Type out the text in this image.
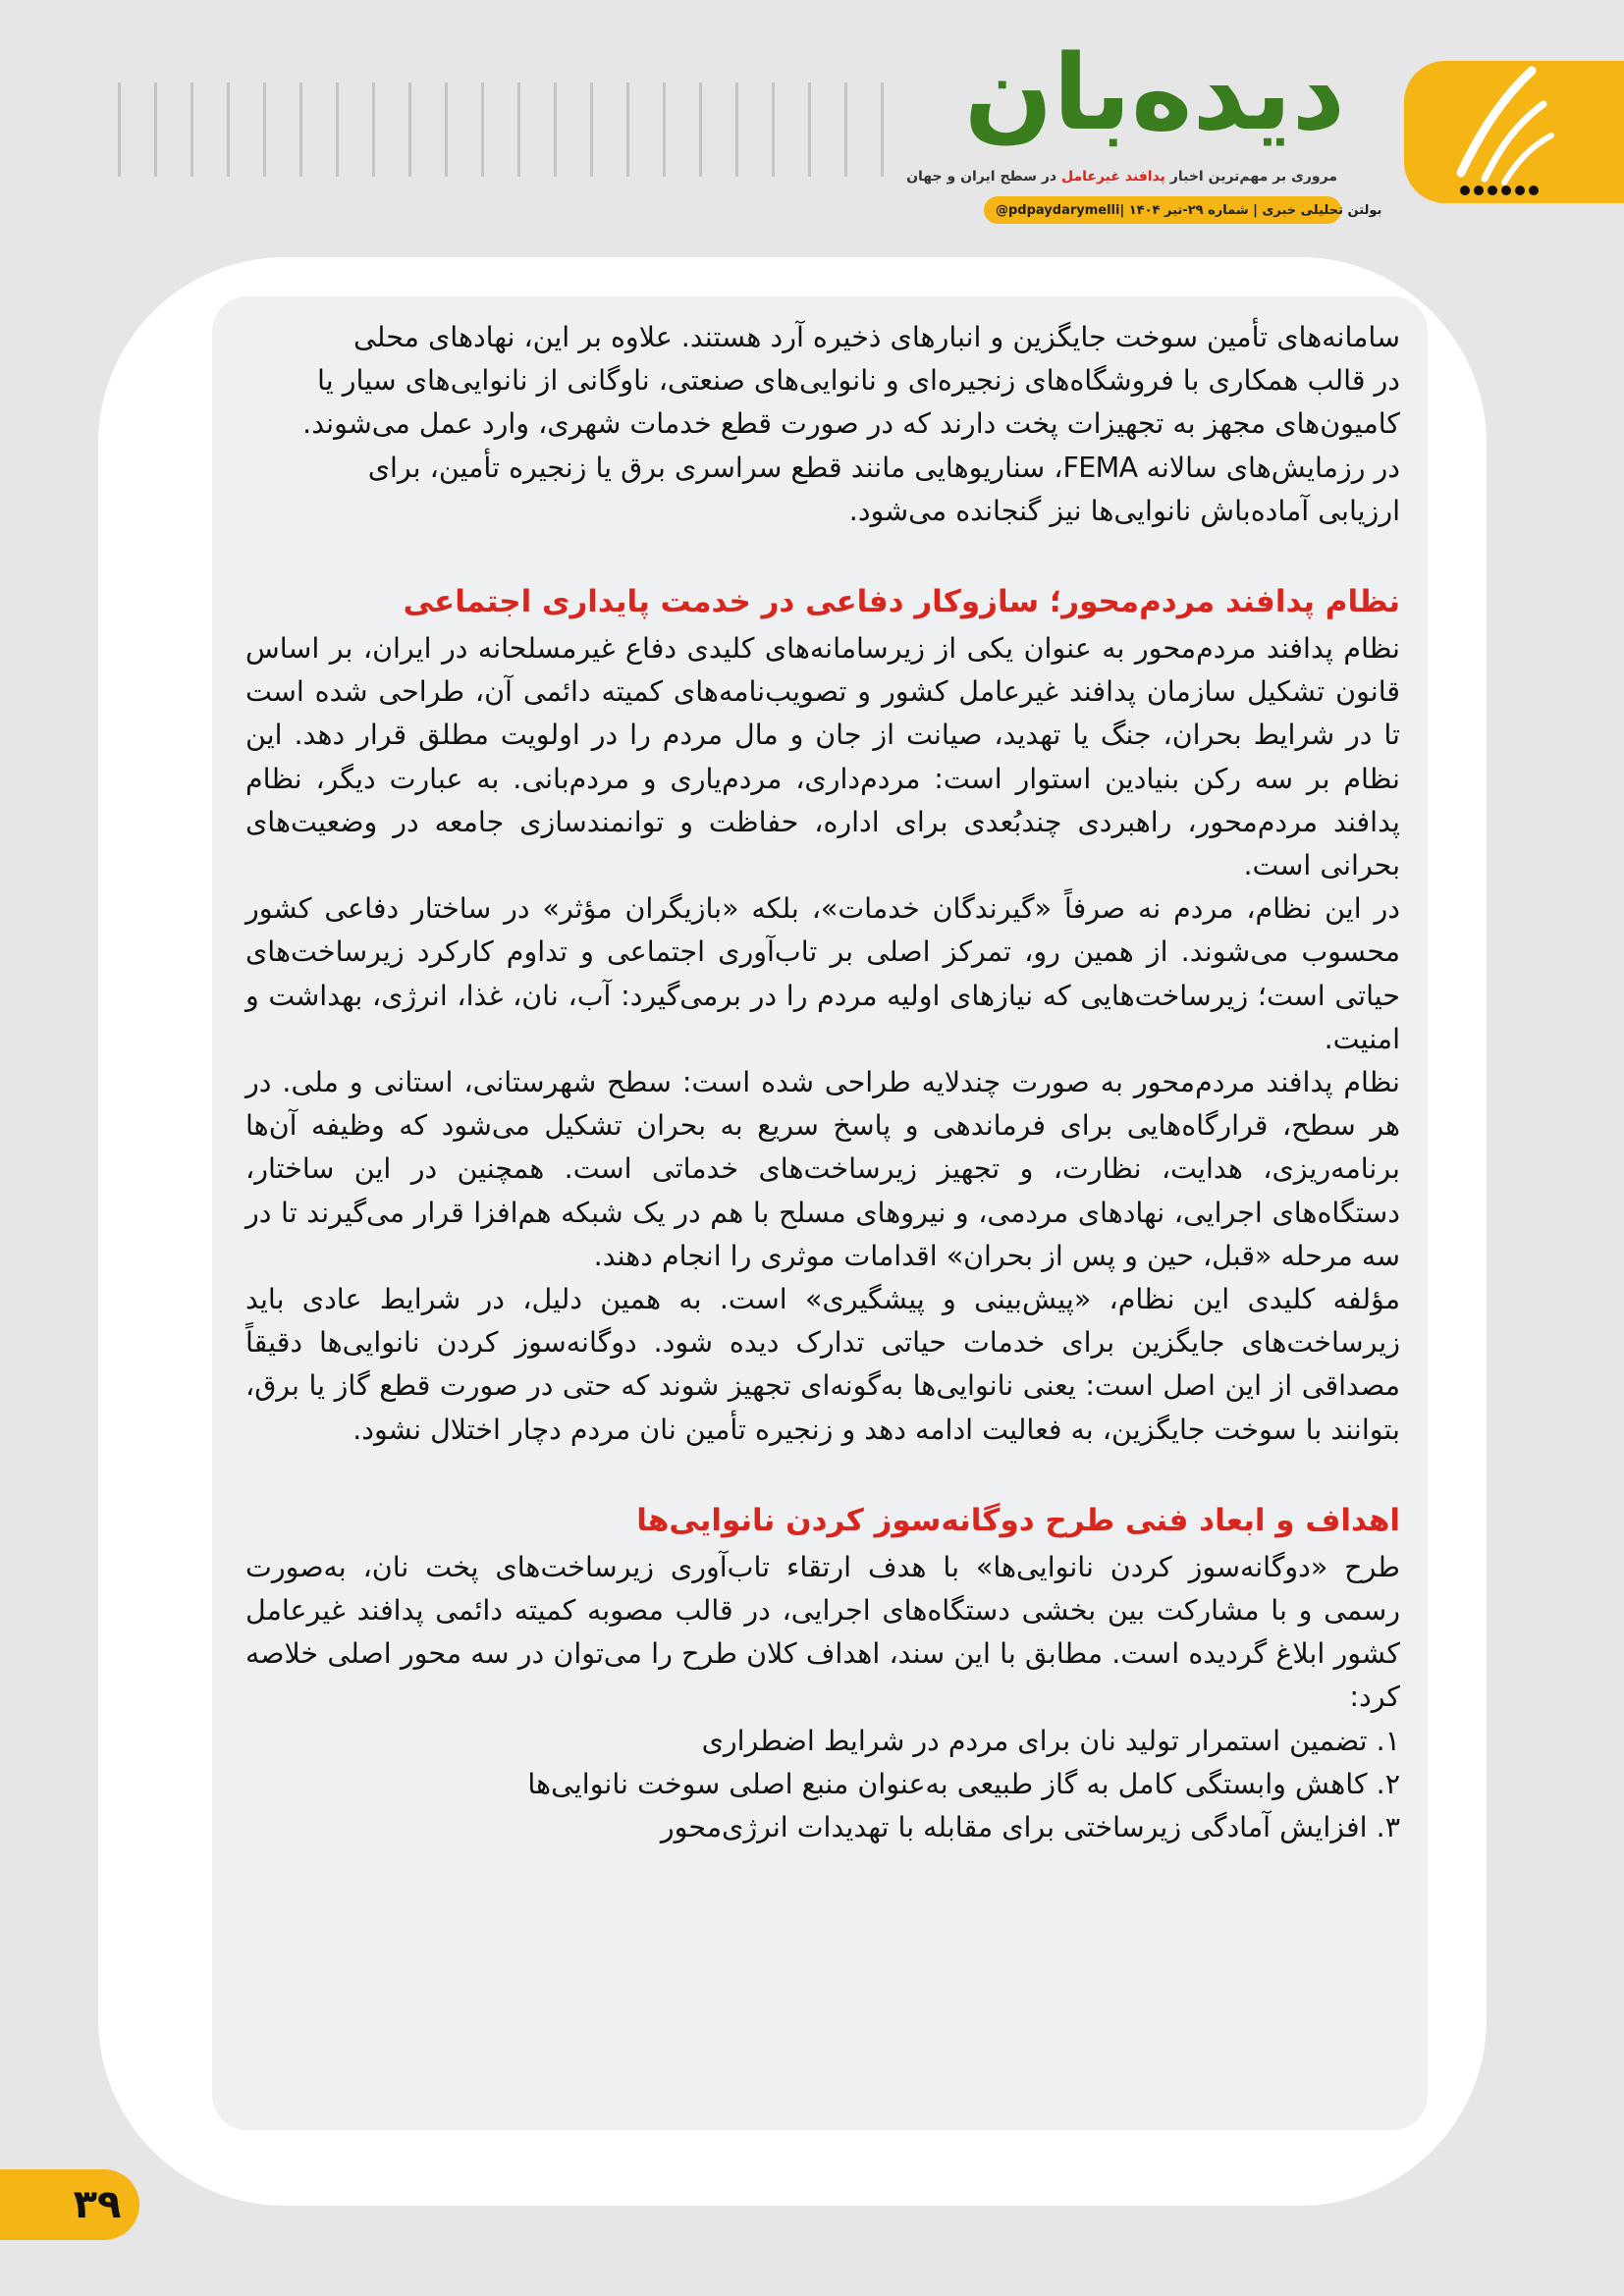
دیده‌بان
مروری بر مهم‌ترین اخبار پدافند غیرعامل در سطح ایران و جهان
@pdpaydarymelli بولتن تحلیلی خبری | شماره ۲۹-تیر ۱۴۰۴ |

سامانه‌های تأمین سوخت جایگزین و انبارهای ذخیره آرد هستند. علاوه بر این، نهادهای محلی

در قالب همکاری با فروشگاه‌های زنجیره‌ای و نانوایی‌های صنعتی، ناوگانی از نانوایی‌های سیار یا

کامیون‌های مجهز به تجهیزات پخت دارند که در صورت قطع خدمات شهری، وارد عمل می‌شوند.

در رزمایش‌های سالانه FEMA، سناریوهایی مانند قطع سراسری برق یا زنجیره تأمین، برای

ارزیابی آماده‌باش نانوایی‌ها نیز گنجانده می‌شود.

نظام پدافند مردم‌محور؛ سازوکار دفاعی در خدمت پایداری اجتماعی

نظام پدافند مردم‌محور به عنوان یکی از زیرسامانه‌های کلیدی دفاع غیرمسلحانه در ایران، بر اساس قانون تشکیل سازمان پدافند غیرعامل کشور و تصویب‌نامه‌های کمیته دائمی آن، طراحی شده است تا در شرایط بحران، جنگ یا تهدید، صیانت از جان و مال مردم را در اولویت مطلق قرار دهد. این نظام بر سه رکن بنیادین استوار است: مردم‌داری، مردم‌یاری و مردم‌بانی. به عبارت دیگر، نظام پدافند مردم‌محور، راهبردی چندبُعدی برای اداره، حفاظت و توانمندسازی جامعه در وضعیت‌های بحرانی است.

در این نظام، مردم نه صرفاً «گیرندگان خدمات»، بلکه «بازیگران مؤثر» در ساختار دفاعی کشور محسوب می‌شوند. از همین رو، تمرکز اصلی بر تاب‌آوری اجتماعی و تداوم کارکرد زیرساخت‌های حیاتی است؛ زیرساخت‌هایی که نیازهای اولیه مردم را در برمی‌گیرد: آب، نان، غذا، انرژی، بهداشت و امنیت.

نظام پدافند مردم‌محور به صورت چندلایه طراحی شده است: سطح شهرستانی، استانی و ملی. در هر سطح، قرارگاه‌هایی برای فرماندهی و پاسخ سریع به بحران تشکیل می‌شود که وظیفه آن‌ها برنامه‌ریزی، هدایت، نظارت، و تجهیز زیرساخت‌های خدماتی است. همچنین در این ساختار، دستگاه‌های اجرایی، نهادهای مردمی، و نیروهای مسلح با هم در یک شبکه هم‌افزا قرار می‌گیرند تا در سه مرحله «قبل، حین و پس از بحران» اقدامات موثری را انجام دهند.

مؤلفه کلیدی این نظام، «پیش‌بینی و پیشگیری» است. به همین دلیل، در شرایط عادی باید زیرساخت‌های جایگزین برای خدمات حیاتی تدارک دیده شود. دوگانه‌سوز کردن نانوایی‌ها دقیقاً مصداقی از این اصل است: یعنی نانوایی‌ها به‌گونه‌ای تجهیز شوند که حتی در صورت قطع گاز یا برق، بتوانند با سوخت جایگزین، به فعالیت ادامه دهد و زنجیره تأمین نان مردم دچار اختلال نشود.

اهداف و ابعاد فنی طرح دوگانه‌سوز کردن نانوایی‌ها

طرح «دوگانه‌سوز کردن نانوایی‌ها» با هدف ارتقاء تاب‌آوری زیرساخت‌های پخت نان، به‌صورت رسمی و با مشارکت بین بخشی دستگاه‌های اجرایی، در قالب مصوبه کمیته دائمی پدافند غیرعامل کشور ابلاغ گردیده است. مطابق با این سند، اهداف کلان طرح را می‌توان در سه محور اصلی خلاصه کرد:

۱. تضمین استمرار تولید نان برای مردم در شرایط اضطراری
۲. کاهش وابستگی کامل به گاز طبیعی به‌عنوان منبع اصلی سوخت نانوایی‌ها
۳. افزایش آمادگی زیرساختی برای مقابله با تهدیدات انرژی‌محور
۳۹
